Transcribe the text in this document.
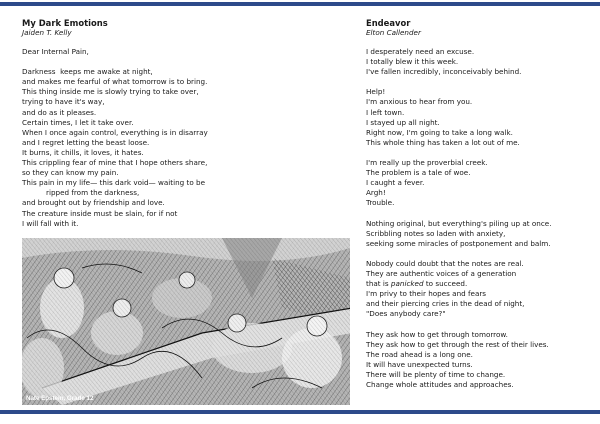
My Dark Emotions

Jaiden T. Kelly

Dear Internal Pain,
Darkness  keeps me awake at night,
and makes me fearful of what tomorrow is to bring.
This thing inside me is slowly trying to take over,
trying to have it's way,
and do as it pleases.
Certain times, I let it take over.
When I once again control, everything is in disarray
and I regret letting the beast loose.
It burns, it chills, it loves, it hates.
This crippling fear of mine that I hope others share,
so they can know my pain.
This pain in my life— this dark void— waiting to be
ripped from the darkness,
and brought out by friendship and love.
The creature inside must be slain, for if not
I will fall with it.
Nate Epstein, Grade 12

Endeavor

Elton Callender

I desperately need an excuse.
I totally blew it this week.
I've fallen incredibly, inconceivably behind.
Help!
I'm anxious to hear from you.
I left town.
I stayed up all night.
Right now, I'm going to take a long walk.
This whole thing has taken a lot out of me.
I'm really up the proverbial creek.
The problem is a tale of woe.
I caught a fever.
Argh!
Trouble.
Nothing original, but everything's piling up at once.
Scribbling notes so laden with anxiety,
seeking some miracles of postponement and balm.
Nobody could doubt that the notes are real.
They are authentic voices of a generation
that is panicked to succeed.
I'm privy to their hopes and fears
and their piercing cries in the dead of night,
"Does anybody care?"
They ask how to get through tomorrow.
They ask how to get through the rest of their lives.
The road ahead is a long one.
It will have unexpected turns.
There will be plenty of time to change.
Change whole attitudes and approaches.
